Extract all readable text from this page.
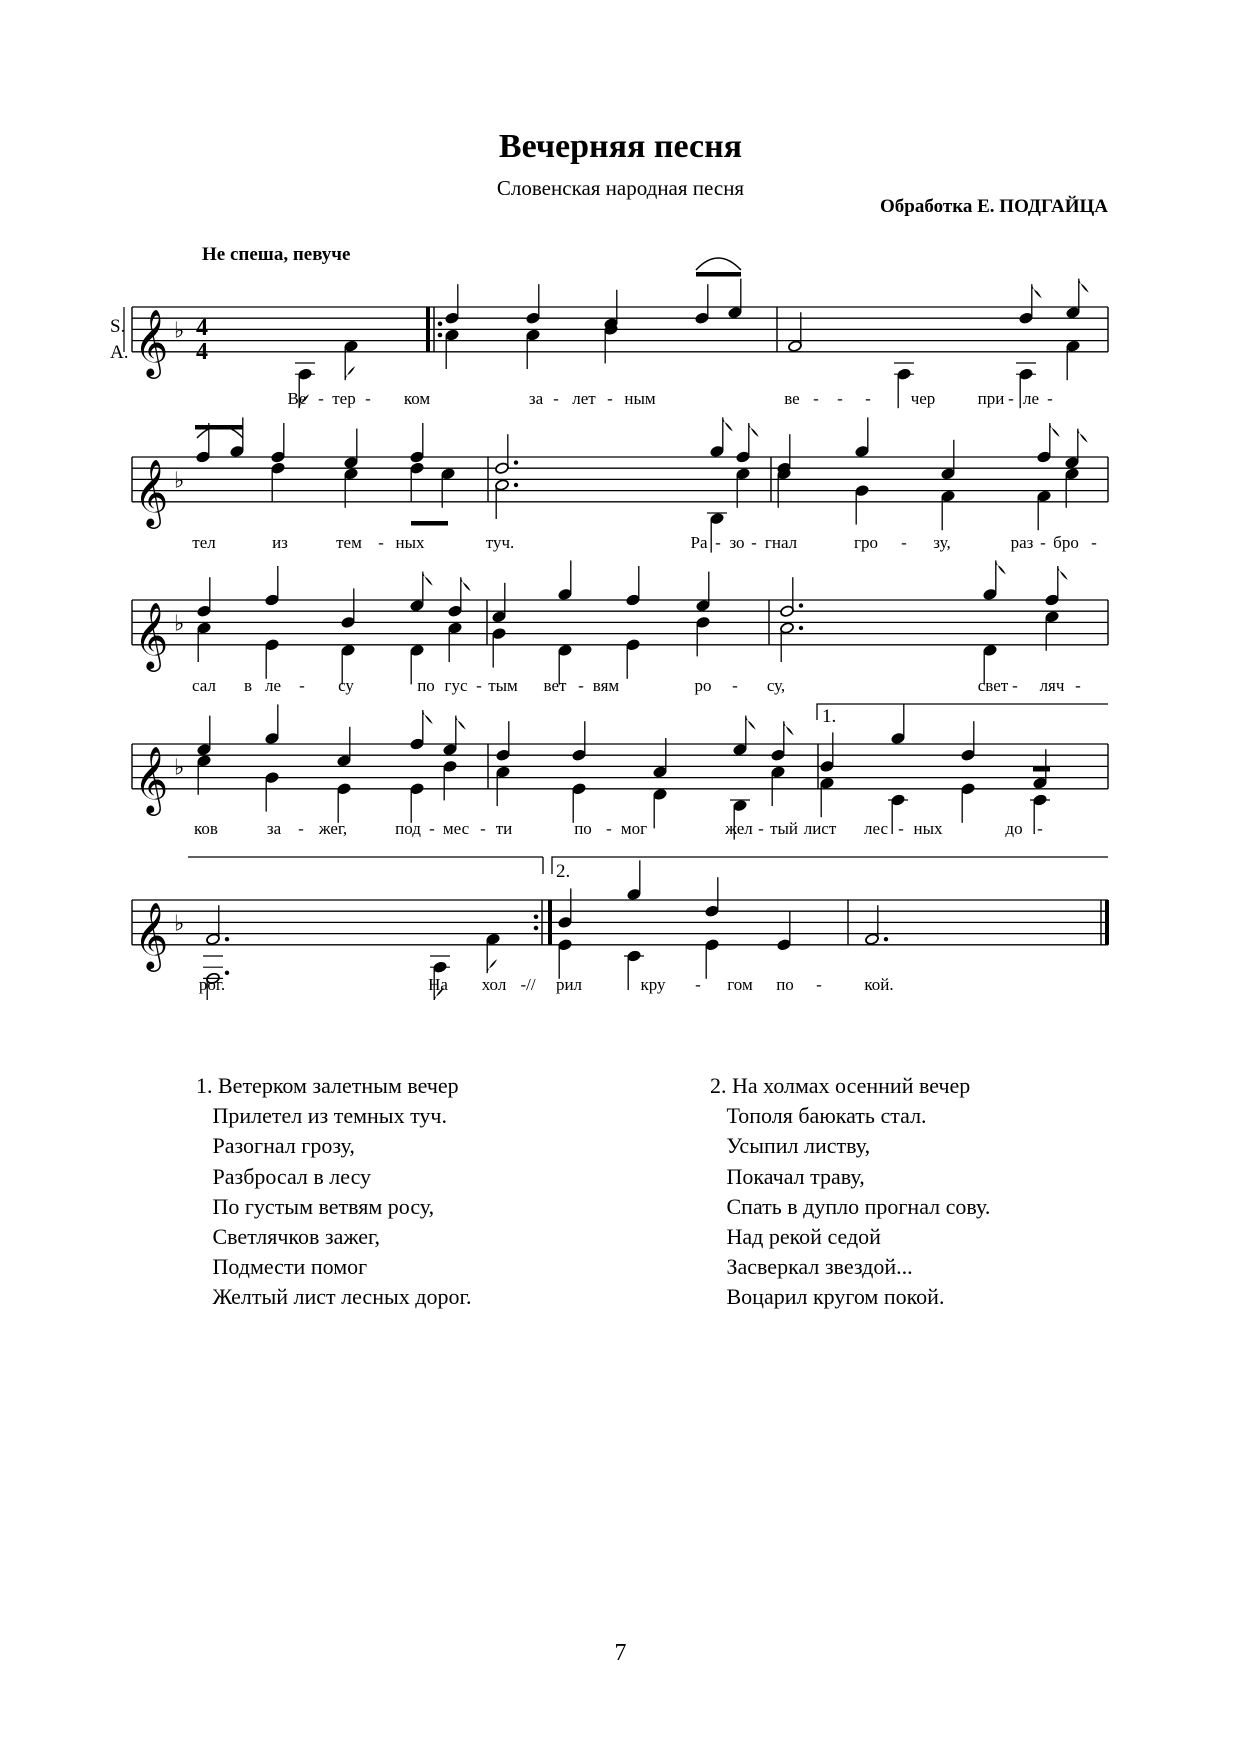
Вечерняя песня
Словенская народная песня
Обработка Е. ПОДГАЙЦА
Не спеша, певуче
𝄞 ♭
𝄞 ♭
𝄞 ♭
𝄞 ♭
𝄞 ♭
S.
A.
4
4
1.
2.
Ве - тер - ком	за - лет - ным	ве - - - чер при - ле -
тел	из	тем - ных	туч.	Ра - зо - гнал	гро - зу,	раз - бро -
сал в ле - су	по гус - тым вет - вям	ро - су,	свет - ляч -
ков	за - жег,	под - мес - ти	по - мог	жел - тый лист лес - ных	до -
рог.	На хол -// рил	кру - гом по -	кой.
1. Ветерком залетным вечер
Прилетел из темных туч.
Разогнал грозу,
Разбросал в лесу
По густым ветвям росу,
Светлячков зажег,
Подмести помог
Желтый лист лесных дорог.
2. На холмах осенний вечер
Тополя баюкать стал.
Усыпил листву,
Покачал траву,
Спать в дупло прогнал сову.
Над рекой седой
Засверкал звездой...
Воцарил кругом покой.
7
